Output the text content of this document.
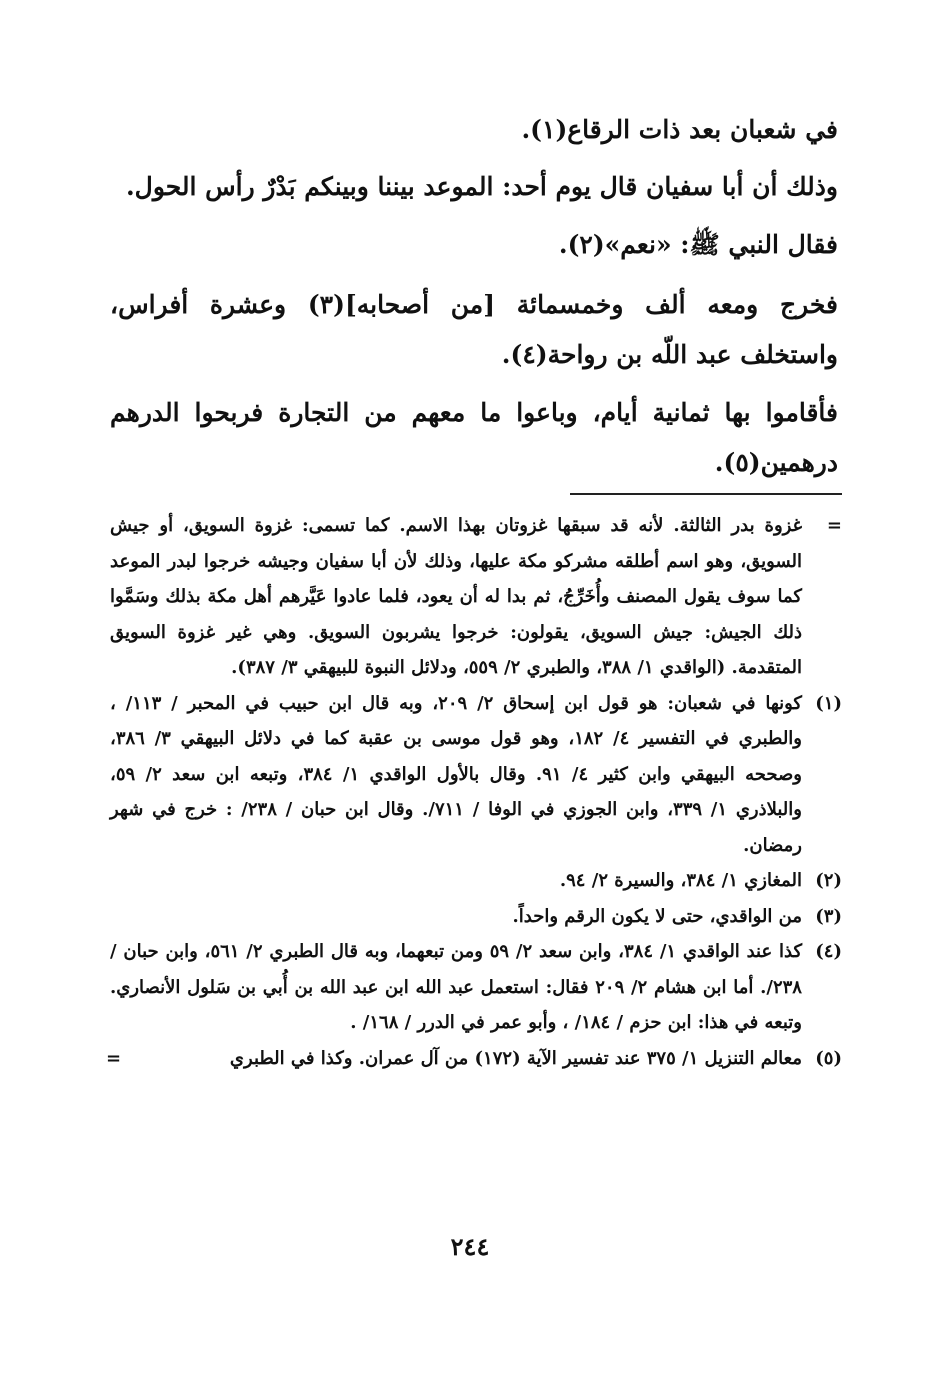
في شعبان بعد ذات الرقاع(١).
وذلك أن أبا سفيان قال يوم أحد: الموعد بيننا وبينكم بَدْرٌ رأس الحول.
فقال النبي ﷺ: «نعم»(٢).
فخرج ومعه ألف وخمسمائة [من أصحابه](٣) وعشرة أفراس، واستخلف عبد اللّه بن رواحة(٤).
فأقاموا بها ثمانية أيام، وباعوا ما معهم من التجارة فربحوا الدرهم درهمين(٥).
=
غزوة بدر الثالثة. لأنه قد سبقها غزوتان بهذا الاسم. كما تسمى: غزوة السويق، أو جيش السويق، وهو اسم أطلقه مشركو مكة عليها، وذلك لأن أبا سفيان وجيشه خرجوا لبدر الموعد كما سوف يقول المصنف وأُخَرِّجُ، ثم بدا له أن يعود، فلما عادوا عَيَّرهم أهل مكة بذلك وسَمَّوا ذلك الجيش: جيش السويق، يقولون: خرجوا يشربون السويق. وهي غير غزوة السويق المتقدمة. (الواقدي ١/ ٣٨٨، والطبري ٢/ ٥٥٩، ودلائل النبوة للبيهقي ٣/ ٣٨٧).
(١)
كونها في شعبان: هو قول ابن إسحاق ٢/ ٢٠٩، وبه قال ابن حبيب في المحبر / ١١٣/ ، والطبري في التفسير ٤/ ١٨٢، وهو قول موسى بن عقبة كما في دلائل البيهقي ٣/ ٣٨٦، وصححه البيهقي وابن كثير ٤/ ٩١. وقال بالأول الواقدي ١/ ٣٨٤، وتبعه ابن سعد ٢/ ٥٩، والبلاذري ١/ ٣٣٩، وابن الجوزي في الوفا / ٧١١/. وقال ابن حبان / ٢٣٨/ : خرج في شهر رمضان.
(٢)
المغازي ١/ ٣٨٤، والسيرة ٢/ ٩٤.
(٣)
من الواقدي، حتى لا يكون الرقم واحداً.
(٤)
كذا عند الواقدي ١/ ٣٨٤، وابن سعد ٢/ ٥٩ ومن تبعهما، وبه قال الطبري ٢/ ٥٦١، وابن حبان / ٢٣٨/. أما ابن هشام ٢/ ٢٠٩ فقال: استعمل عبد الله ابن عبد الله بن أُبي بن سَلول الأنصاري. وتبعه في هذا: ابن حزم / ١٨٤/ ، وأبو عمر في الدرر / ١٦٨/ .
(٥)
معالم التنزيل ١/ ٣٧٥ عند تفسير الآية (١٧٢) من آل عمران. وكذا في الطبري
=
٢٤٤
